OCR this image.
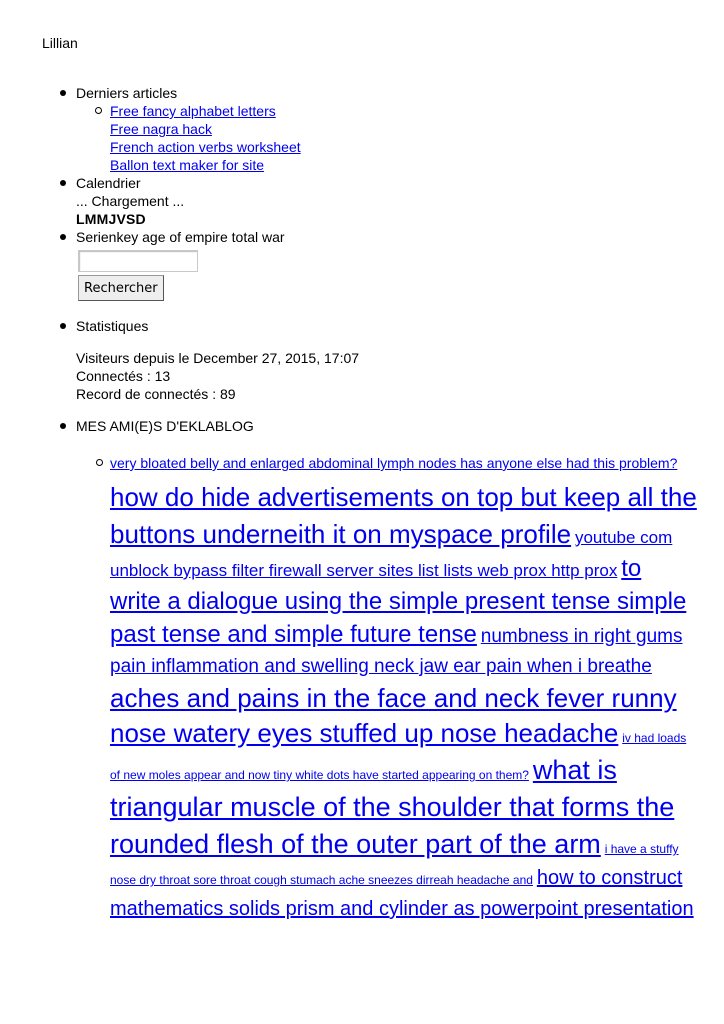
Lillian
Derniers articles
Free fancy alphabet letters
Free nagra hack
French action verbs worksheet
Ballon text maker for site
Calendrier
... Chargement ...
LMMJVSD
Serienkey age of empire total war
Rechercher
Statistiques
Visiteurs depuis le December 27, 2015, 17:07
Connectés : 13
Record de connectés : 89
MES AMI(E)S D'EKLABLOG
very bloated belly and enlarged abdominal lymph nodes has anyone else had this problem? how do hide advertisements on top but keep all the buttons underneith it on myspace profile youtube com unblock bypass filter firewall server sites list lists web prox http prox to write a dialogue using the simple present tense simple past tense and simple future tense numbness in right gums pain inflammation and swelling neck jaw ear pain when i breathe aches and pains in the face and neck fever runny nose watery eyes stuffed up nose headache iv had loads of new moles appear and now tiny white dots have started appearing on them? what is triangular muscle of the shoulder that forms the rounded flesh of the outer part of the arm i have a stuffy nose dry throat sore throat cough stumach ache sneezes dirreah headache and how to construct mathematics solids prism and cylinder as powerpoint presentation
